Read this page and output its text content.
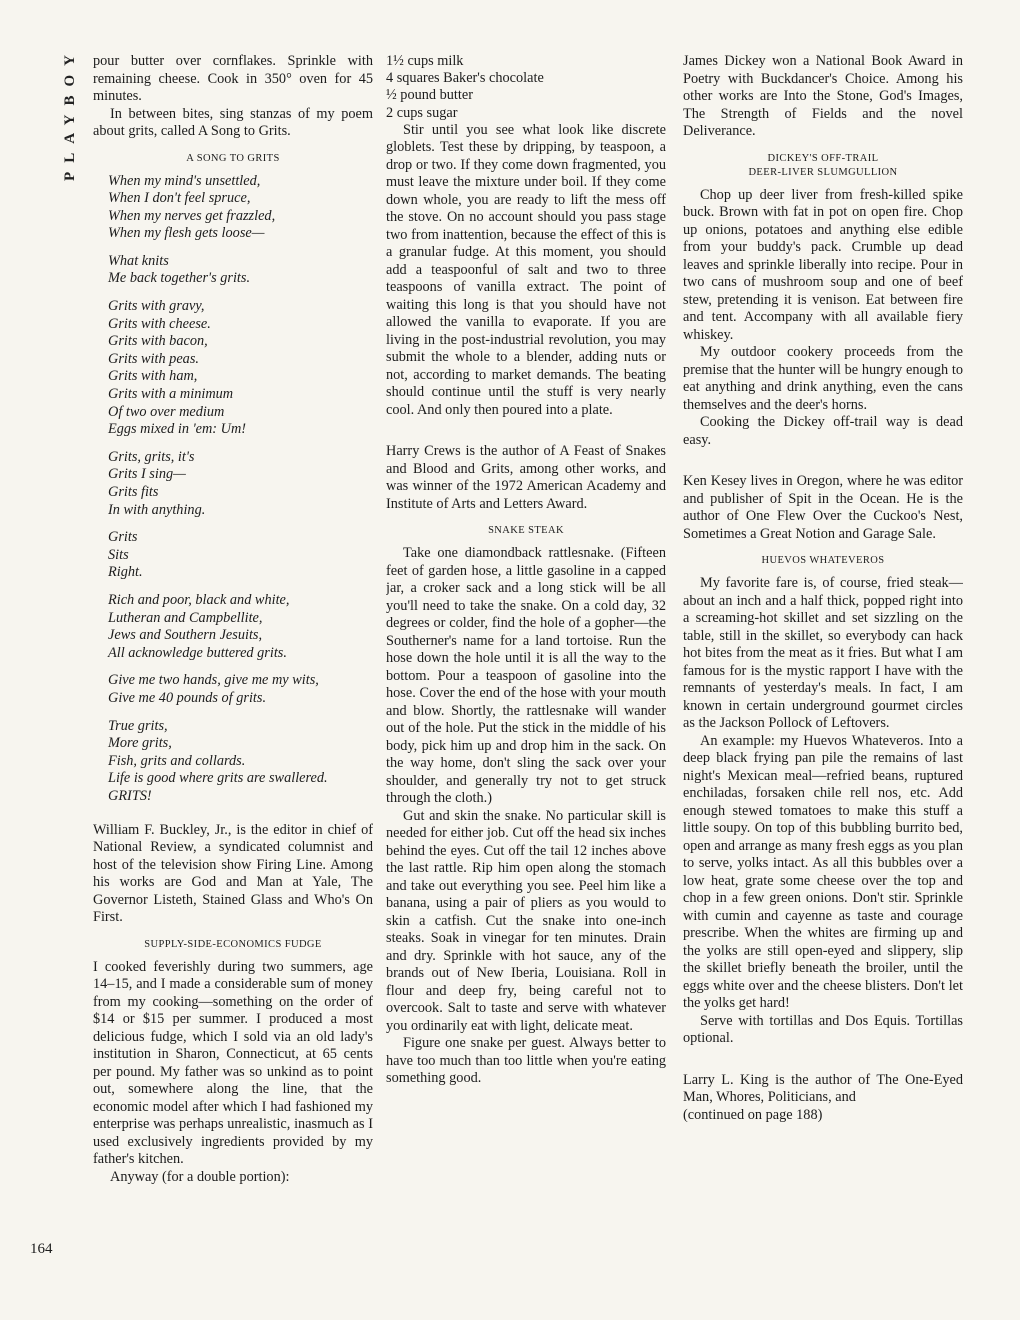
PLAYBOY
164

pour butter over cornflakes. Sprinkle with remaining cheese. Cook in 350° oven for 45 minutes.

In between bites, sing stanzas of my poem about grits, called A Song to Grits.

A SONG TO GRITS
When my mind's unsettled,
When I don't feel spruce,
When my nerves get frazzled,
When my flesh gets loose—
What knits
Me back together's grits.
Grits with gravy,
Grits with cheese.
Grits with bacon,
Grits with peas.
Grits with ham,
Grits with a minimum
Of two over medium
Eggs mixed in 'em: Um!
Grits, grits, it's
Grits I sing—
Grits fits
In with anything.
Grits
Sits
Right.
Rich and poor, black and white,
Lutheran and Campbellite,
Jews and Southern Jesuits,
All acknowledge buttered grits.
Give me two hands, give me my wits,
Give me 40 pounds of grits.
True grits,
More grits,
Fish, grits and collards.
Life is good where grits are swallered.
GRITS!

William F. Buckley, Jr., is the editor in chief of National Review, a syndicated columnist and host of the television show Firing Line. Among his works are God and Man at Yale, The Governor Listeth, Stained Glass and Who's On First.

SUPPLY-SIDE-ECONOMICS FUDGE

I cooked feverishly during two summers, age 14–15, and I made a considerable sum of money from my cooking—something on the order of $14 or $15 per summer. I produced a most delicious fudge, which I sold via an old lady's institution in Sharon, Connecticut, at 65 cents per pound. My father was so unkind as to point out, somewhere along the line, that the economic model after which I had fashioned my enterprise was perhaps unrealistic, inasmuch as I used exclusively ingredients provided by my father's kitchen.

Anyway (for a double portion):

1½ cups milk
4 squares Baker's chocolate
½ pound butter
2 cups sugar

Stir until you see what look like discrete globlets. Test these by dripping, by teaspoon, a drop or two. If they come down fragmented, you must leave the mixture under boil. If they come down whole, you are ready to lift the mess off the stove. On no account should you pass stage two from inattention, because the effect of this is a granular fudge. At this moment, you should add a teaspoonful of salt and two to three teaspoons of vanilla extract. The point of waiting this long is that you should have not allowed the vanilla to evaporate. If you are living in the post-industrial revolution, you may submit the whole to a blender, adding nuts or not, according to market demands. The beating should continue until the stuff is very nearly cool. And only then poured into a plate.

Harry Crews is the author of A Feast of Snakes and Blood and Grits, among other works, and was winner of the 1972 American Academy and Institute of Arts and Letters Award.

SNAKE STEAK

Take one diamondback rattlesnake. (Fifteen feet of garden hose, a little gasoline in a capped jar, a croker sack and a long stick will be all you'll need to take the snake. On a cold day, 32 degrees or colder, find the hole of a gopher—the Southerner's name for a land tortoise. Run the hose down the hole until it is all the way to the bottom. Pour a teaspoon of gasoline into the hose. Cover the end of the hose with your mouth and blow. Shortly, the rattlesnake will wander out of the hole. Put the stick in the middle of his body, pick him up and drop him in the sack. On the way home, don't sling the sack over your shoulder, and generally try not to get struck through the cloth.)

Gut and skin the snake. No particular skill is needed for either job. Cut off the head six inches behind the eyes. Cut off the tail 12 inches above the last rattle. Rip him open along the stomach and take out everything you see. Peel him like a banana, using a pair of pliers as you would to skin a catfish. Cut the snake into one-inch steaks. Soak in vinegar for ten minutes. Drain and dry. Sprinkle with hot sauce, any of the brands out of New Iberia, Louisiana. Roll in flour and deep fry, being careful not to overcook. Salt to taste and serve with whatever you ordinarily eat with light, delicate meat.

Figure one snake per guest. Always better to have too much than too little when you're eating something good.

James Dickey won a National Book Award in Poetry with Buckdancer's Choice. Among his other works are Into the Stone, God's Images, The Strength of Fields and the novel Deliverance.

DICKEY'S OFF-TRAIL
DEER-LIVER SLUMGULLION

Chop up deer liver from fresh-killed spike buck. Brown with fat in pot on open fire. Chop up onions, potatoes and anything else edible from your buddy's pack. Crumble up dead leaves and sprinkle liberally into recipe. Pour in two cans of mushroom soup and one of beef stew, pretending it is venison. Eat between fire and tent. Accompany with all available fiery whiskey.

My outdoor cookery proceeds from the premise that the hunter will be hungry enough to eat anything and drink anything, even the cans themselves and the deer's horns.

Cooking the Dickey off-trail way is dead easy.

Ken Kesey lives in Oregon, where he was editor and publisher of Spit in the Ocean. He is the author of One Flew Over the Cuckoo's Nest, Sometimes a Great Notion and Garage Sale.

HUEVOS WHATEVEROS

My favorite fare is, of course, fried steak—about an inch and a half thick, popped right into a screaming-hot skillet and set sizzling on the table, still in the skillet, so everybody can hack hot bites from the meat as it fries. But what I am famous for is the mystic rapport I have with the remnants of yesterday's meals. In fact, I am known in certain underground gourmet circles as the Jackson Pollock of Leftovers.

An example: my Huevos Whateveros. Into a deep black frying pan pile the remains of last night's Mexican meal—refried beans, ruptured enchiladas, forsaken chile rell nos, etc. Add enough stewed tomatoes to make this stuff a little soupy. On top of this bubbling burrito bed, open and arrange as many fresh eggs as you plan to serve, yolks intact. As all this bubbles over a low heat, grate some cheese over the top and chop in a few green onions. Don't stir. Sprinkle with cumin and cayenne as taste and courage prescribe. When the whites are firming up and the yolks are still open-eyed and slippery, slip the skillet briefly beneath the broiler, until the eggs white over and the cheese blisters. Don't let the yolks get hard!

Serve with tortillas and Dos Equis. Tortillas optional.

Larry L. King is the author of The One-Eyed Man, Whores, Politicians, and

(continued on page 188)
